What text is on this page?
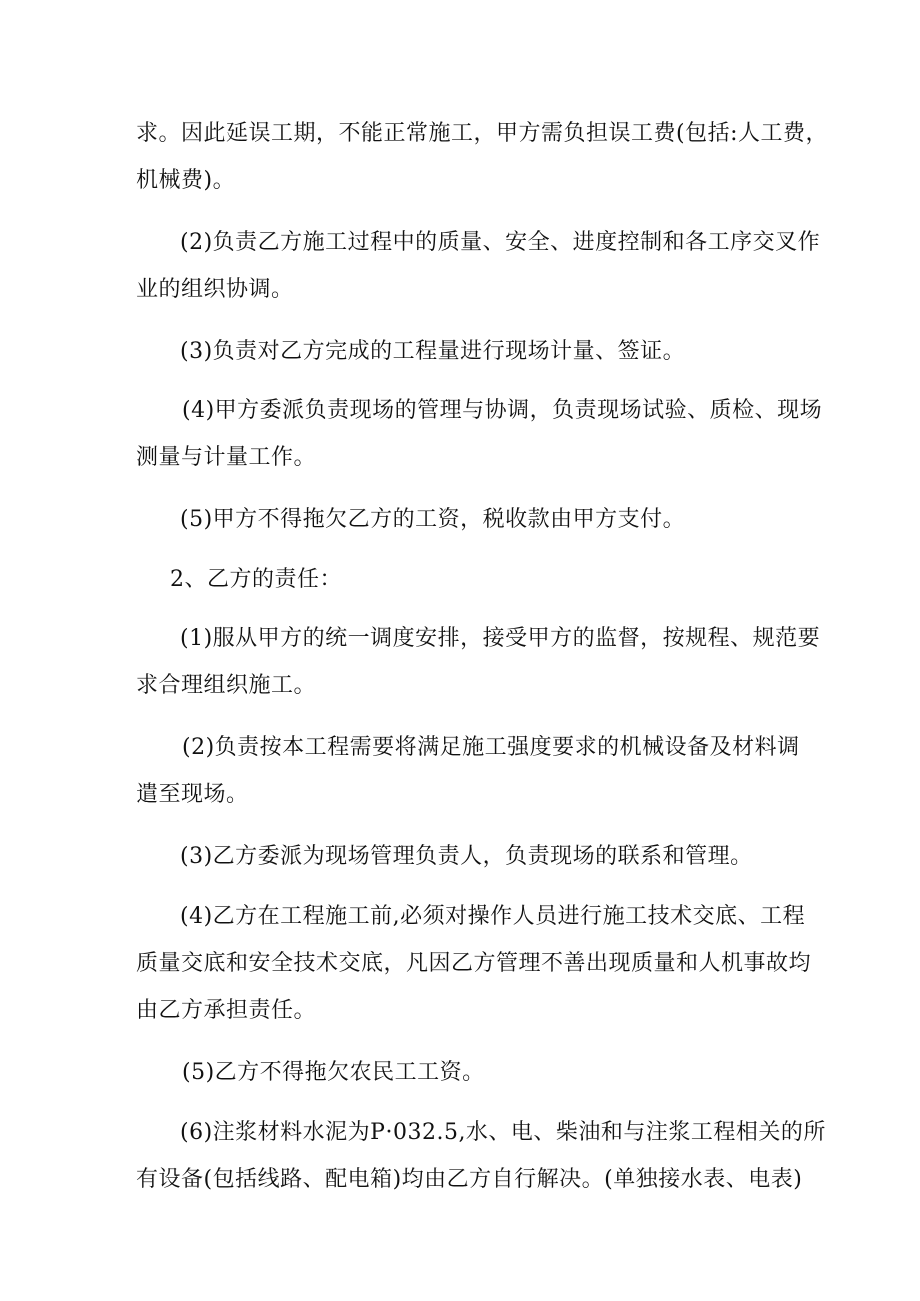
求。因此延误工期，不能正常施工，甲方需负担误工费(包括:人工费，
机械费)。
(2)负责乙方施工过程中的质量、安全、进度控制和各工序交叉作
业的组织协调。
(3)负责对乙方完成的工程量进行现场计量、签证。
(4)甲方委派负责现场的管理与协调，负责现场试验、质检、现场
测量与计量工作。
(5)甲方不得拖欠乙方的工资，税收款由甲方支付。
2、乙方的责任：
(1)服从甲方的统一调度安排，接受甲方的监督，按规程、规范要
求合理组织施工。
(2)负责按本工程需要将满足施工强度要求的机械设备及材料调
遣至现场。
(3)乙方委派为现场管理负责人，负责现场的联系和管理。
(4)乙方在工程施工前,必须对操作人员进行施工技术交底、工程
质量交底和安全技术交底，凡因乙方管理不善出现质量和人机事故均
由乙方承担责任。
(5)乙方不得拖欠农民工工资。
(6)注浆材料水泥为P·032.5,水、电、柴油和与注浆工程相关的所
有设备(包括线路、配电箱)均由乙方自行解决。(单独接水表、电表)
